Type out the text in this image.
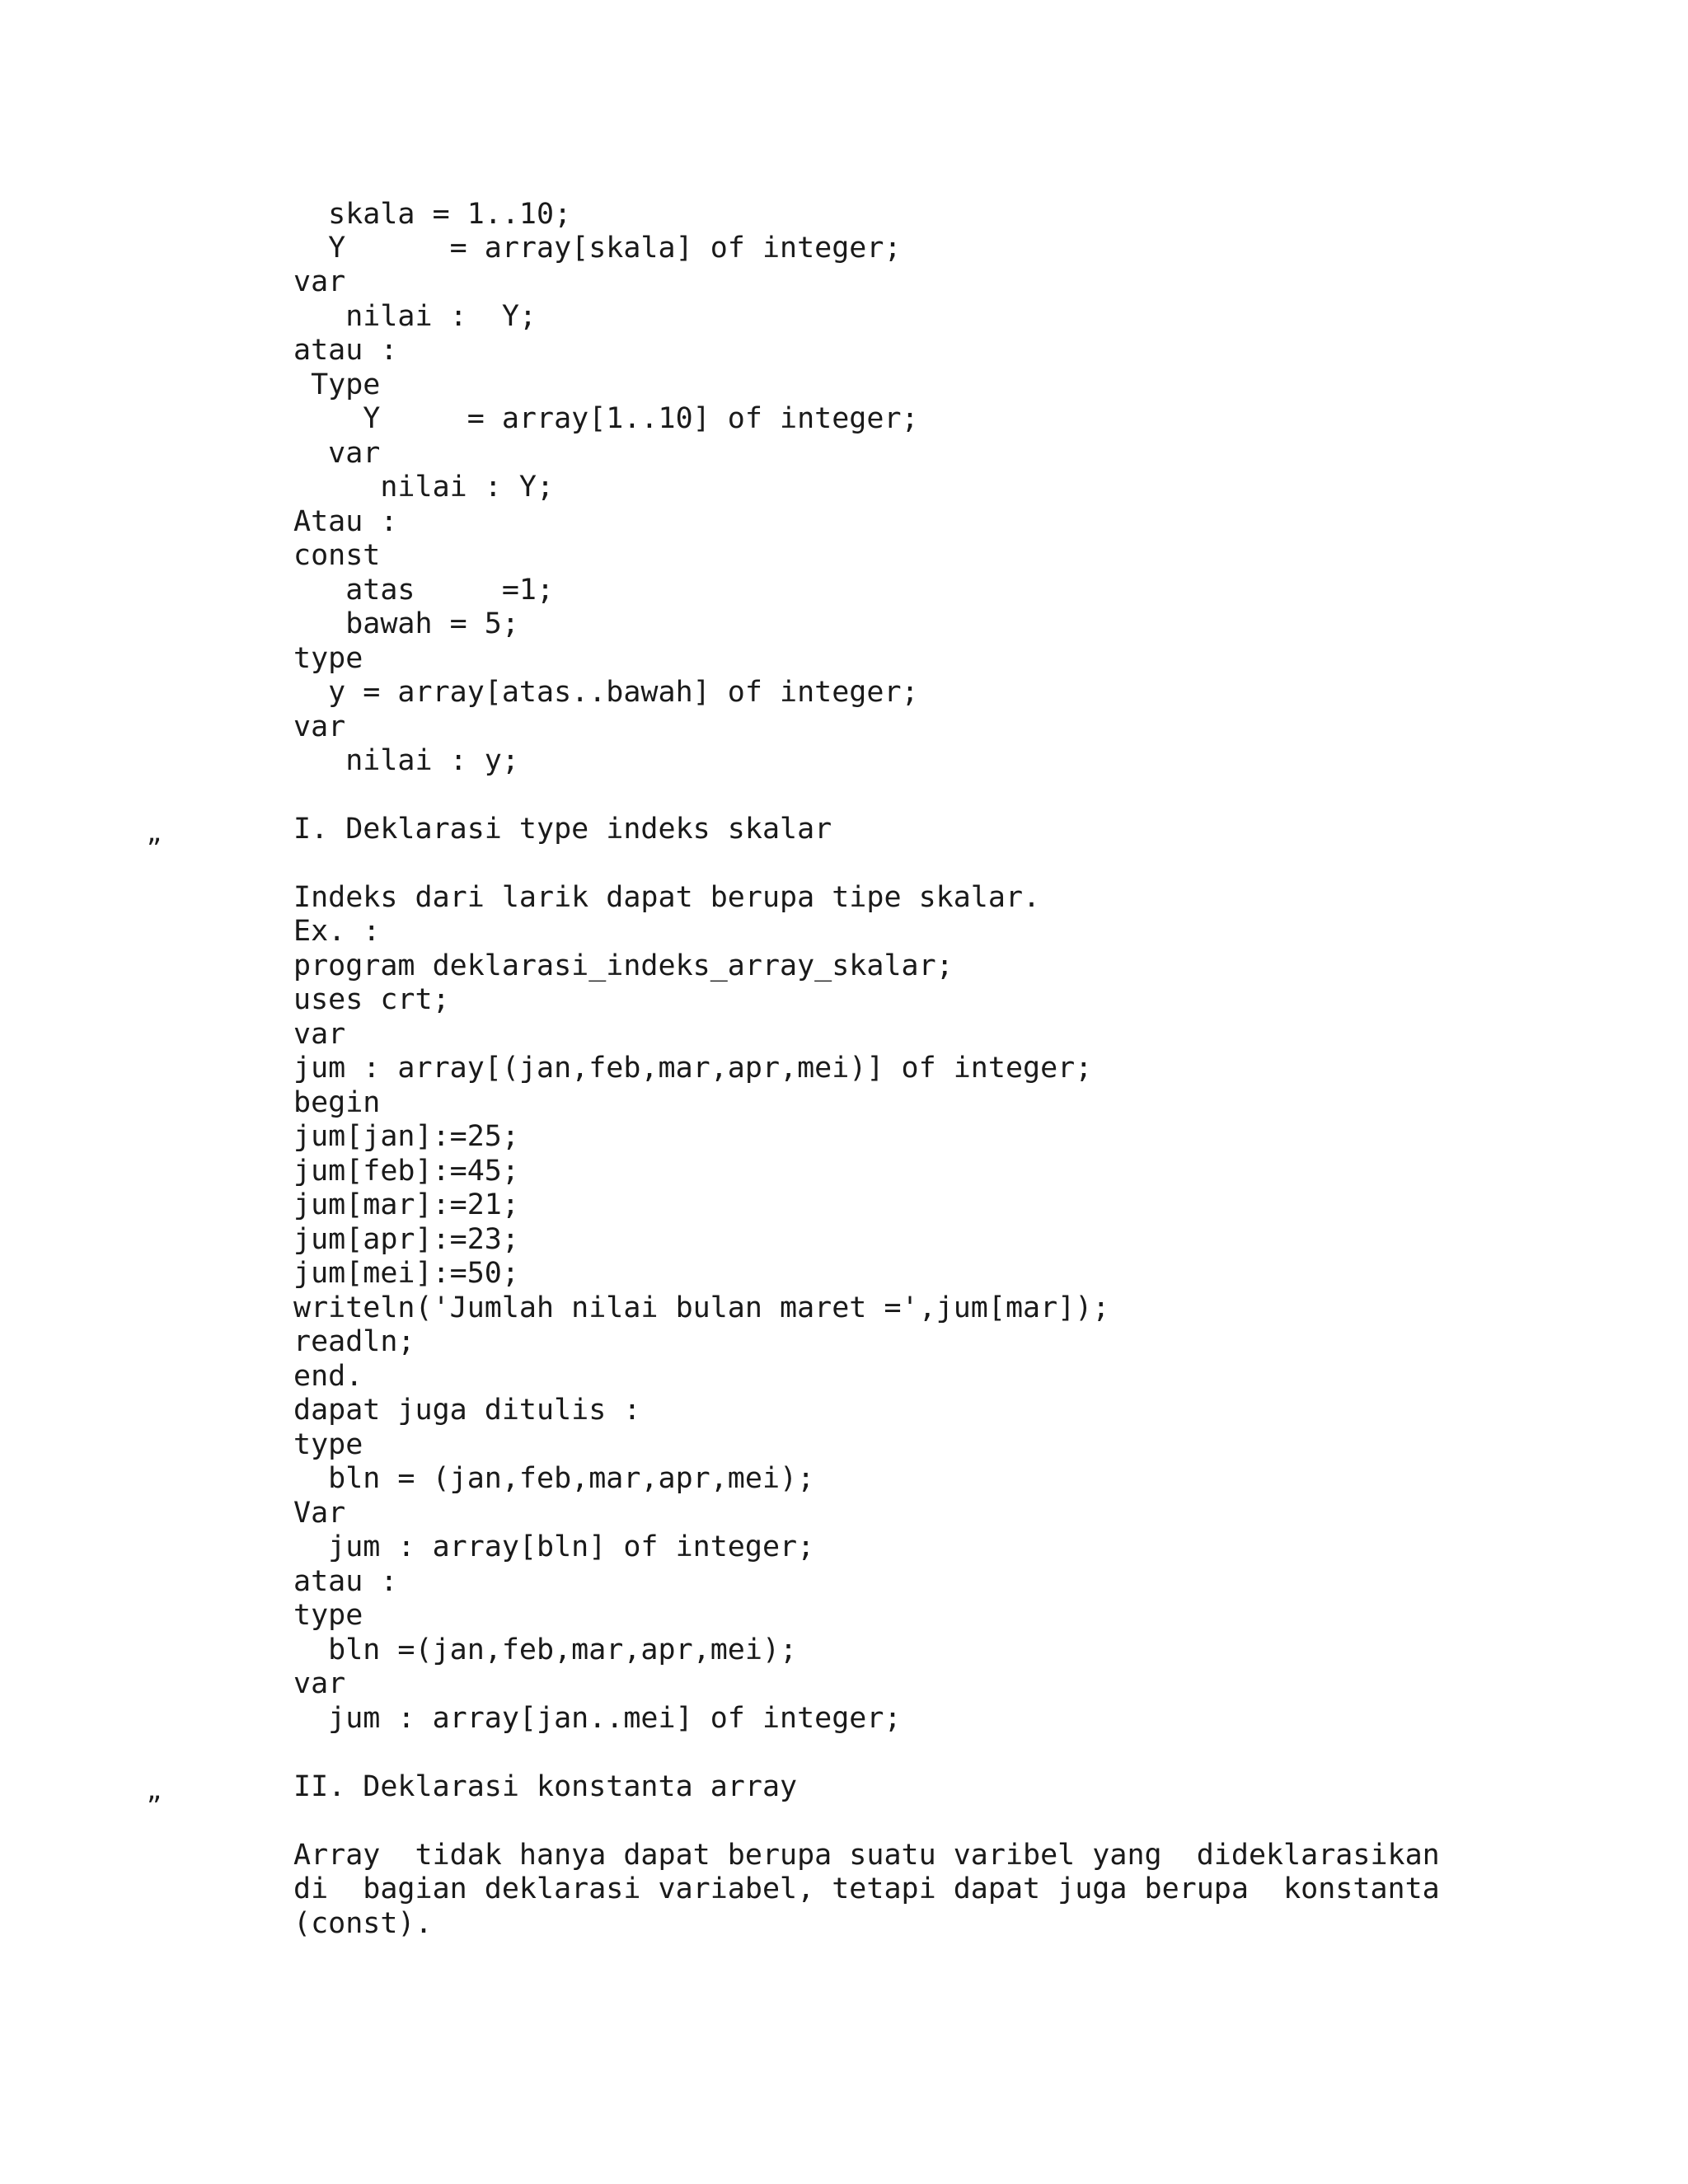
skala = 1..10;
Y      = array[skala] of integer;
var
nilai :  Y;
atau :
Type
Y     = array[1..10] of integer;
var
nilai : Y;
Atau :
const
atas     =1;
bawah = 5;
type
y = array[atas..bawah] of integer;
var
nilai : y;
„	I. Deklarasi type indeks skalar
Indeks dari larik dapat berupa tipe skalar.
Ex. :
program deklarasi_indeks_array_skalar;
uses crt;
var
jum : array[(jan,feb,mar,apr,mei)] of integer;
begin
jum[jan]:=25;
jum[feb]:=45;
jum[mar]:=21;
jum[apr]:=23;
jum[mei]:=50;
writeln('Jumlah nilai bulan maret =',jum[mar]);
readln;
end.
dapat juga ditulis :
type
bln = (jan,feb,mar,apr,mei);
Var
jum : array[bln] of integer;
atau :
type
bln =(jan,feb,mar,apr,mei);
var
jum : array[jan..mei] of integer;
„	II. Deklarasi konstanta array
Array  tidak hanya dapat berupa suatu varibel yang  dideklarasikan
di  bagian deklarasi variabel, tetapi dapat juga berupa  konstanta
(const).
